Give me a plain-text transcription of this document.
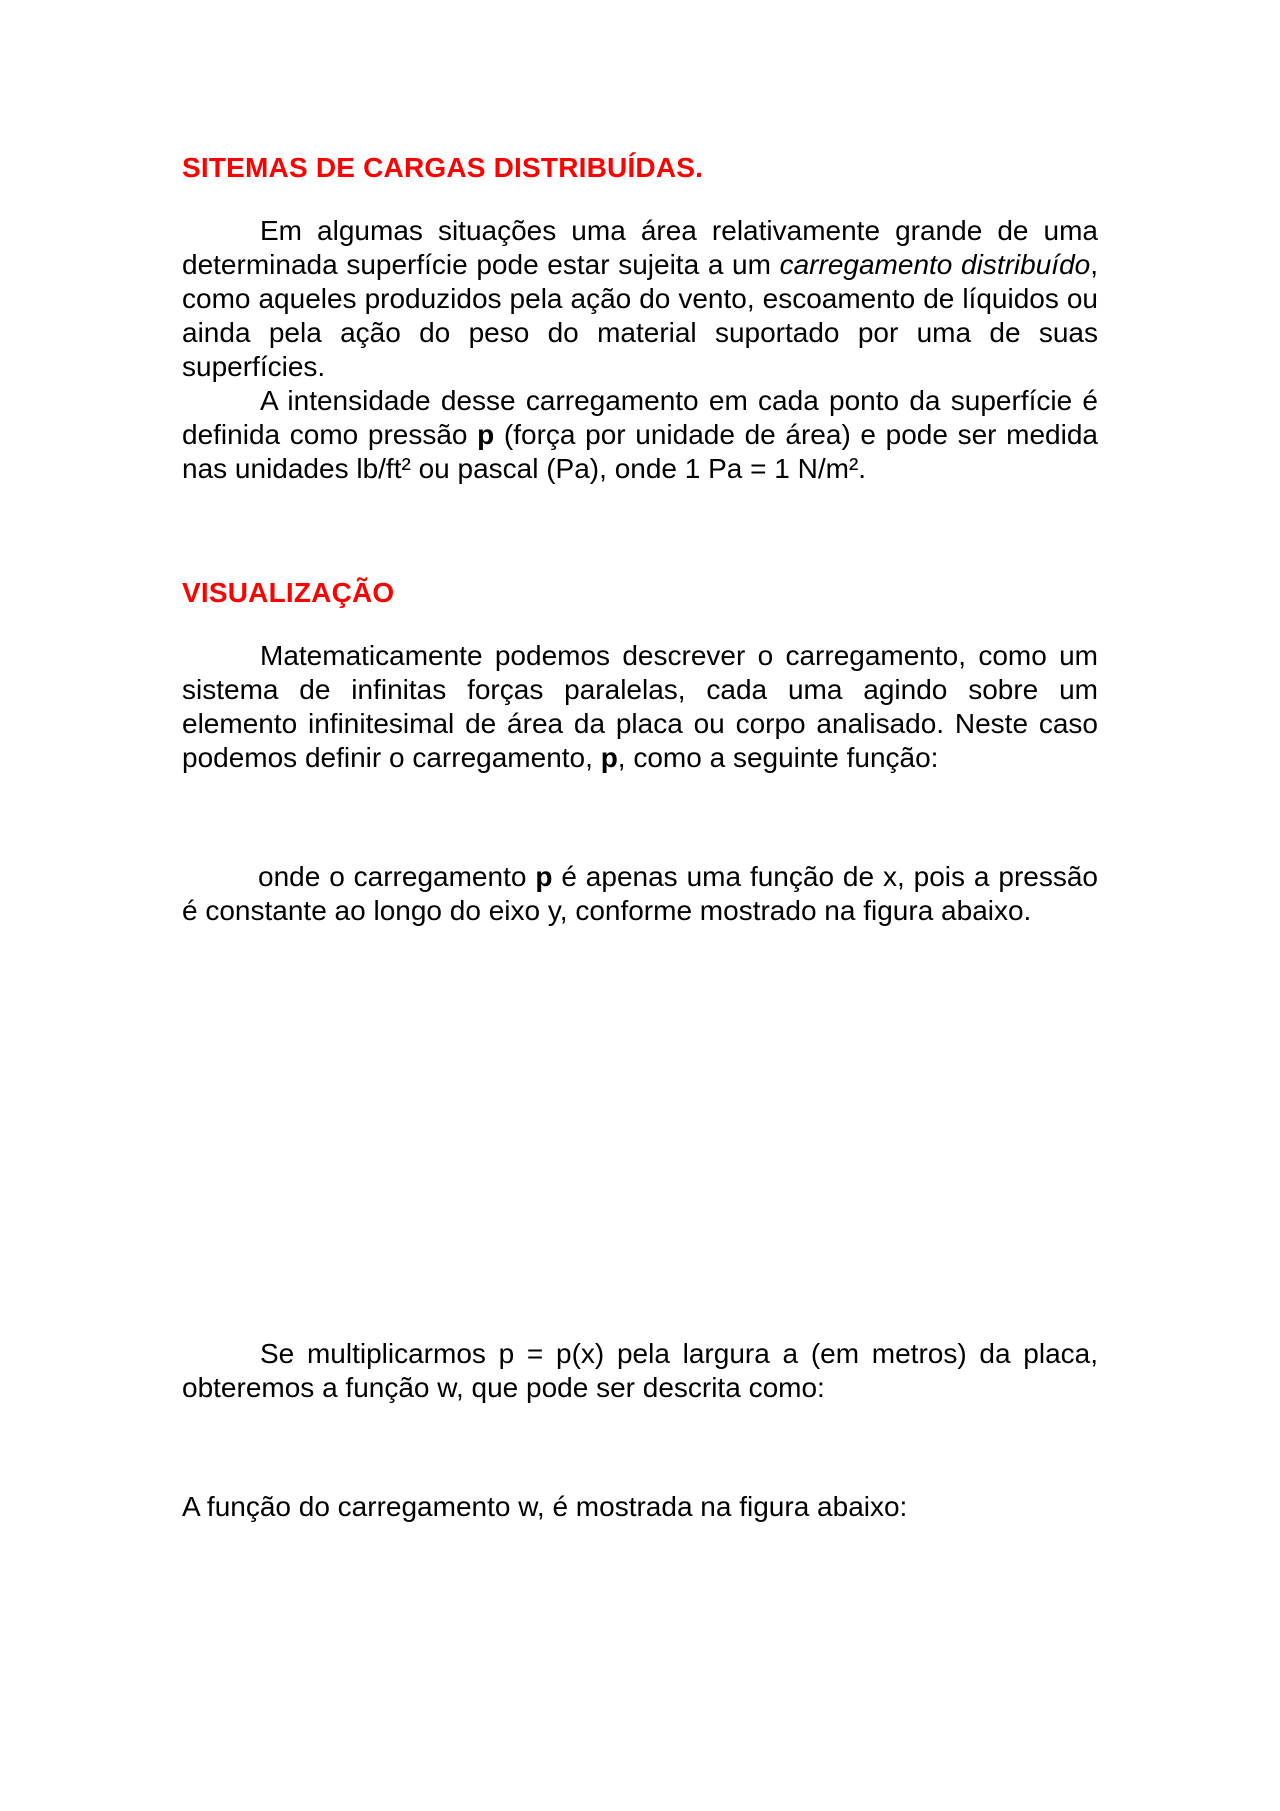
SITEMAS DE CARGAS DISTRIBUÍDAS.

Em algumas situações uma área relativamente grande de uma determinada superfície pode estar sujeita a um carregamento distribuído, como aqueles produzidos pela ação do vento, escoamento de líquidos ou ainda pela ação do peso do material suportado por uma de suas superfícies.

A intensidade desse carregamento em cada ponto da superfície é definida como pressão p (força por unidade de área) e pode ser medida nas unidades lb/ft² ou pascal (Pa), onde 1 Pa = 1 N/m².

VISUALIZAÇÃO

Matematicamente podemos descrever o carregamento, como um sistema de infinitas forças paralelas, cada uma agindo sobre um elemento infinitesimal de área da placa ou corpo analisado. Neste caso podemos definir o carregamento, p, como a seguinte função:

onde o carregamento p é apenas uma função de x, pois a pressão é constante ao longo do eixo y, conforme mostrado na figura abaixo.

Se multiplicarmos p = p(x) pela largura a (em metros) da placa, obteremos a função w, que pode ser descrita como:

A função do carregamento w, é mostrada na figura abaixo:
